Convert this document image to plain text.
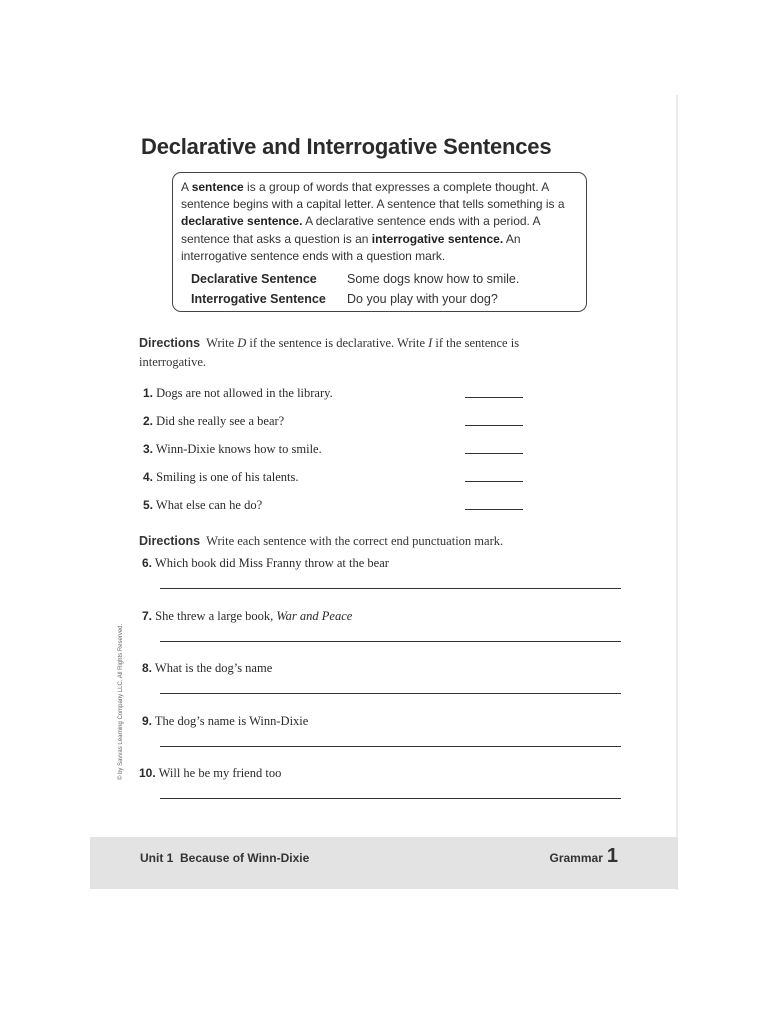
Declarative and Interrogative Sentences
A sentence is a group of words that expresses a complete thought. A sentence begins with a capital letter. A sentence that tells something is a declarative sentence. A declarative sentence ends with a period. A sentence that asks a question is an interrogative sentence. An interrogative sentence ends with a question mark.
Declarative Sentence	Some dogs know how to smile.
Interrogative Sentence	Do you play with your dog?
Directions Write D if the sentence is declarative. Write I if the sentence is interrogative.
1. Dogs are not allowed in the library.
2. Did she really see a bear?
3. Winn-Dixie knows how to smile.
4. Smiling is one of his talents.
5. What else can he do?
Directions Write each sentence with the correct end punctuation mark.
6. Which book did Miss Franny throw at the bear
7. She threw a large book, War and Peace
8. What is the dog’s name
9. The dog’s name is Winn-Dixie
10. Will he be my friend too
© by Savvas Learning Company LLC. All Rights Reserved.
Unit 1 Because of Winn-Dixie	Grammar 1
